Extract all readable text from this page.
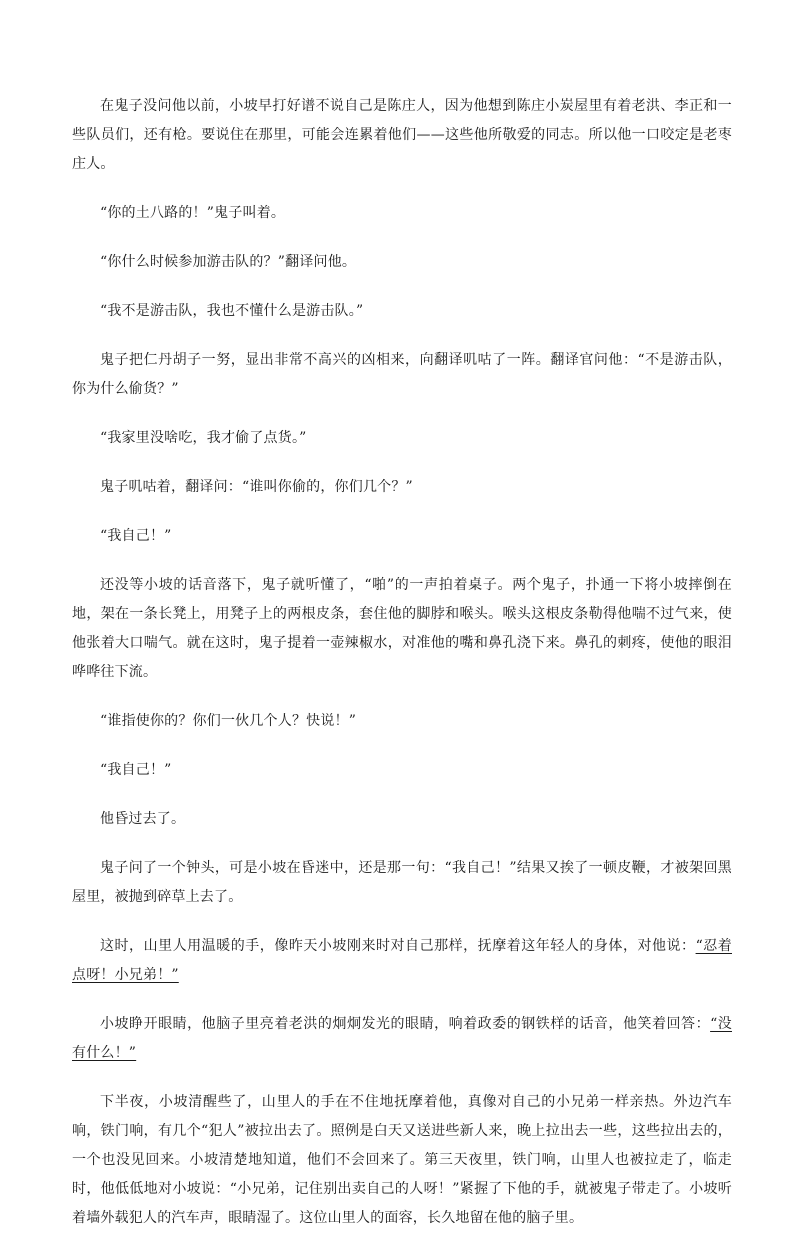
在鬼子没问他以前，小坡早打好谱不说自己是陈庄人，因为他想到陈庄小炭屋里有着老洪、李正和一些队员们，还有枪。要说住在那里，可能会连累着他们——这些他所敬爱的同志。所以他一口咬定是老枣庄人。

“你的土八路的！”鬼子叫着。

“你什么时候参加游击队的？”翻译问他。

“我不是游击队，我也不懂什么是游击队。”

鬼子把仁丹胡子一努，显出非常不高兴的凶相来，向翻译叽咕了一阵。翻译官问他：“不是游击队，你为什么偷货？”

“我家里没啥吃，我才偷了点货。”

鬼子叽咕着，翻译问：“谁叫你偷的，你们几个？”

“我自己！”

还没等小坡的话音落下，鬼子就听懂了，“啪”的一声拍着桌子。两个鬼子，扑通一下将小坡摔倒在地，架在一条长凳上，用凳子上的两根皮条，套住他的脚脖和喉头。喉头这根皮条勒得他喘不过气来，使他张着大口喘气。就在这时，鬼子提着一壶辣椒水，对准他的嘴和鼻孔浇下来。鼻孔的刺疼，使他的眼泪哗哗往下流。

“谁指使你的？你们一伙几个人？快说！”

“我自己！”

他昏过去了。

鬼子问了一个钟头，可是小坡在昏迷中，还是那一句：“我自己！”结果又挨了一顿皮鞭，才被架回黑屋里，被抛到碎草上去了。

这时，山里人用温暖的手，像昨天小坡刚来时对自己那样，抚摩着这年轻人的身体，对他说：“忍着点呀！小兄弟！”

小坡睁开眼睛，他脑子里亮着老洪的炯炯发光的眼睛，响着政委的钢铁样的话音，他笑着回答：“没有什么！”

下半夜，小坡清醒些了，山里人的手在不住地抚摩着他，真像对自己的小兄弟一样亲热。外边汽车响，铁门响，有几个“犯人”被拉出去了。照例是白天又送进些新人来，晚上拉出去一些，这些拉出去的，一个也没见回来。小坡清楚地知道，他们不会回来了。第三天夜里，铁门响，山里人也被拉走了，临走时，他低低地对小坡说：“小兄弟，记住别出卖自己的人呀！”紧握了下他的手，就被鬼子带走了。小坡听着墙外载犯人的汽车声，眼睛湿了。这位山里人的面容，长久地留在他的脑子里。
